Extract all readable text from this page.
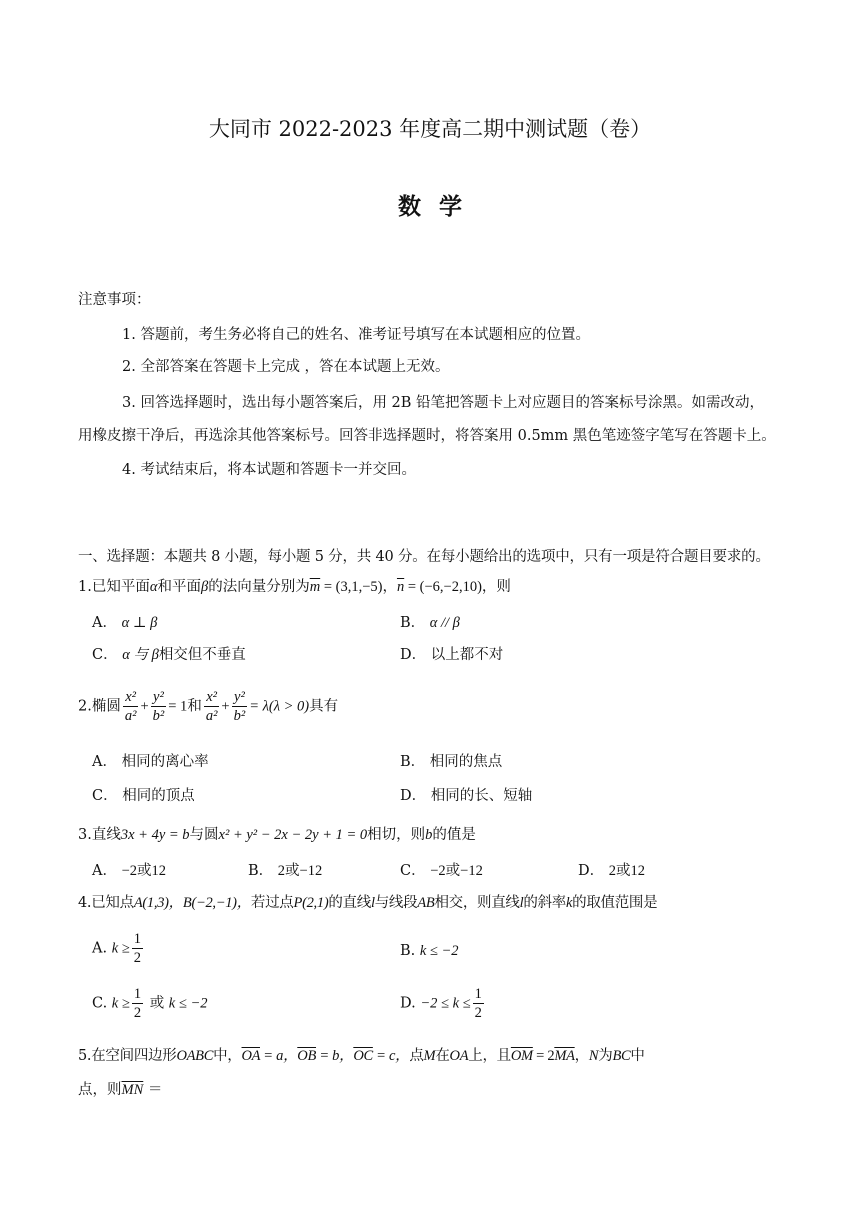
大同市 2022-2023 年度高二期中测试题（卷）
数学
注意事项：
1. 答题前，考生务必将自己的姓名、准考证号填写在本试题相应的位置。
2. 全部答案在答题卡上完成 ，答在本试题上无效。
3. 回答选择题时，选出每小题答案后，用 2B 铅笔把答题卡上对应题目的答案标号涂黑。如需改动，
用橡皮擦干净后，再选涂其他答案标号。回答非选择题时，将答案用 0.5mm 黑色笔迹签字笔写在答题卡上。
4. 考试结束后，将本试题和答题卡一并交回。
一、选择题：本题共 8 小题，每小题 5 分，共 40 分。在每小题给出的选项中，只有一项是符合题目要求的。
1.已知平面α和平面β的法向量分别为$\overline{m} = (3,1,-5)$，$\overline{n} = (-6,-2,10)$，则
A． α ⊥ β	B． α // β
C． α 与 β相交但不垂直	D． 以上都不对
2.椭圆 $\frac{\text{x²}}{\text{a²}} + \frac{\text{y²}}{\text{b²}} = 1$和 $\frac{\text{x²}}{\text{a²}} + \frac{\text{y²}}{\text{b²}} = \lambda(\lambda > 0)$具有
A． 相同的离心率	B． 相同的焦点
C． 相同的顶点	D． 相同的长、短轴
3.直线3x + 4y = b与圆x² + y² − 2x − 2y + 1 = 0相切，则b的值是
A． −2或12	B． 2或−12	C． −2或−12	D． 2或12
4.已知点A(1,3)，B(−2,−1)，若过点P(2,1)的直线l与线段AB相交，则直线l的斜率k的取值范围是
A. $k \ge \frac{1}{2}$	B. k ≤ −2
C. $k \ge \frac{1}{2}$ 或 k ≤ −2	D. $-2 \le k \le \frac{1}{2}$
5.在空间四边形OABC中，$\overline{OA} = a$，$\overline{OB} = b$，$\overline{OC} = c$，点M在OA上，且$\overline{OM} = 2\overline{MA}$，N为BC中
点，则$\overline{MN}$ ＝
